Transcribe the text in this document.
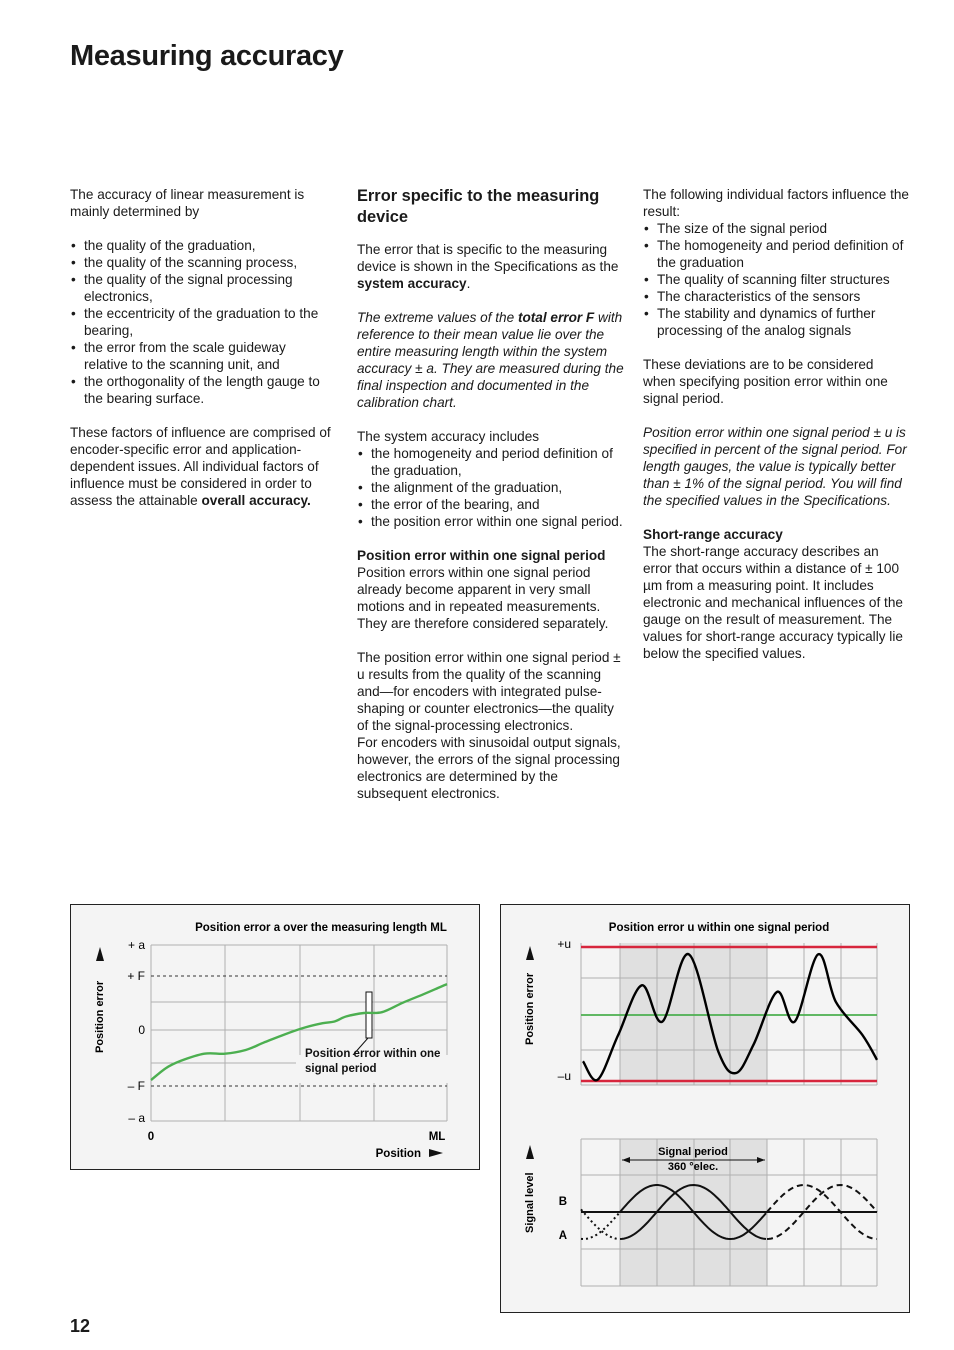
Measuring accuracy

The accuracy of linear measurement is mainly determined by

• the quality of the graduation,
• the quality of the scanning process,
• the quality of the signal processing electronics,
• the eccentricity of the graduation to the bearing,
• the error from the scale guideway relative to the scanning unit, and
• the orthogonality of the length gauge to the bearing surface.

These factors of influence are comprised of encoder-specific error and application-dependent issues. All individual factors of influence must be considered in order to assess the attainable overall accuracy.

Error specific to the measuring device

The error that is specific to the measuring device is shown in the Specifications as the system accuracy.

The extreme values of the total error F with reference to their mean value lie over the entire measuring length within the system accuracy ± a. They are measured during the final inspection and documented in the calibration chart.

The system accuracy includes

• the homogeneity and period definition of the graduation,
• the alignment of the graduation,
• the error of the bearing, and
• the position error within one signal period.
Position error within one signal period

Position errors within one signal period already become apparent in very small motions and in repeated measurements. They are therefore considered separately.

The position error within one signal period ± u results from the quality of the scanning and—for encoders with integrated pulse-shaping or counter electronics—the quality of the signal-processing electronics.

For encoders with sinusoidal output signals, however, the errors of the signal processing electronics are determined by the subsequent electronics.

The following individual factors influence the result:

• The size of the signal period
• The homogeneity and period definition of the graduation
• The quality of scanning filter structures
• The characteristics of the sensors
• The stability and dynamics of further processing of the analog signals

These deviations are to be considered when specifying position error within one signal period.

Position error within one signal period ± u is specified in percent of the signal period. For length gauges, the value is typically better than ± 1% of the signal period. You will find the specified values in the Specifications.

Short-range accuracy

The short-range accuracy describes an error that occurs within a distance of ± 100 µm from a measuring point. It includes electronic and mechanical influences of the gauge on the result of measurement. The values for short-range accuracy typically lie below the specified values.

Position error a over the measuring length ML
+ a
+ F
0
– F
– a
0	ML
Position
Position error
Position error within one signal period
Position error u within one signal period
+u
–u
Position error
Signal period
360 °elec.
B
A
Signal level
12
